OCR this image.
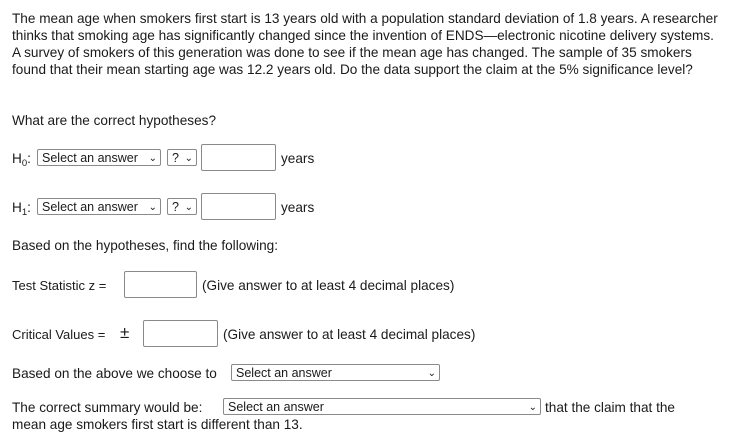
The mean age when smokers first start is 13 years old with a population standard deviation of 1.8 years. A researcher thinks that smoking age has significantly changed since the invention of ENDS—electronic nicotine delivery systems. A survey of smokers of this generation was done to see if the mean age has changed. The sample of 35 smokers found that their mean starting age was 12.2 years old. Do the data support the claim at the 5% significance level?

What are the correct hypotheses?
$H_0$: Select an answer ⌄	? ⌄	years
$H_1$: Select an answer ⌄	? ⌄	years
Based on the hypotheses, find the following:
Test Statistic z =	(Give answer to at least 4 decimal places)
Critical Values = ±	(Give answer to at least 4 decimal places)
Based on the above we choose to	Select an answer	⌄
The correct summary would be:	Select an answer	⌄ that the claim that the
mean age smokers first start is different than 13.
